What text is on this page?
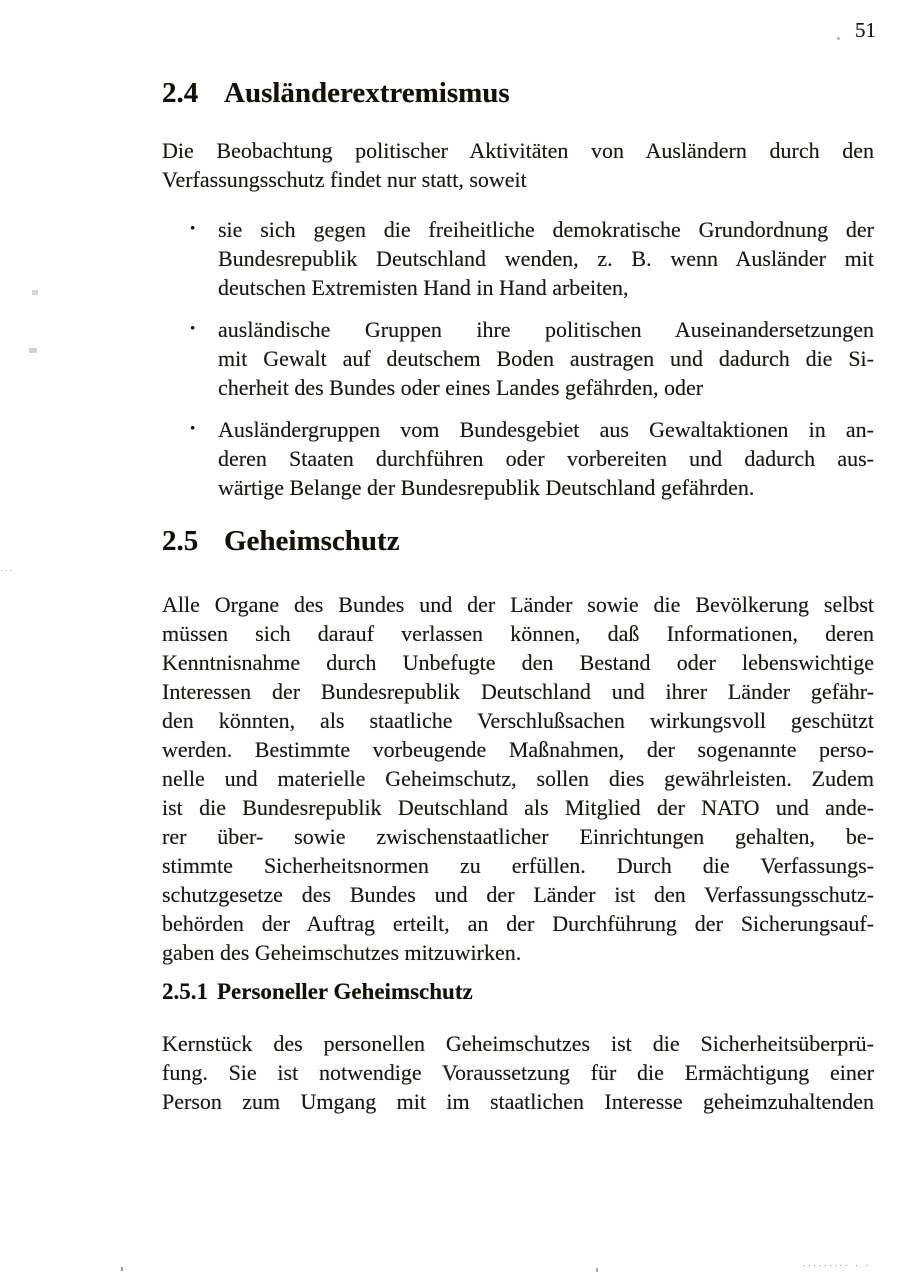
51
2.4 Ausländerextremismus
Die Beobachtung politischer Aktivitäten von Ausländern durch den
Verfassungsschutz findet nur statt, soweit
• sie sich gegen die freiheitliche demokratische Grundordnung der
Bundesrepublik Deutschland wenden, z. B. wenn Ausländer mit
deutschen Extremisten Hand in Hand arbeiten,
• ausländische Gruppen ihre politischen Auseinandersetzungen
mit Gewalt auf deutschem Boden austragen und dadurch die Si-
cherheit des Bundes oder eines Landes gefährden, oder
• Ausländergruppen vom Bundesgebiet aus Gewaltaktionen in an-
deren Staaten durchführen oder vorbereiten und dadurch aus-
wärtige Belange der Bundesrepublik Deutschland gefährden.
2.5 Geheimschutz
Alle Organe des Bundes und der Länder sowie die Bevölkerung selbst
müssen sich darauf verlassen können, daß Informationen, deren
Kenntnisnahme durch Unbefugte den Bestand oder lebenswichtige
Interessen der Bundesrepublik Deutschland und ihrer Länder gefähr-
den könnten, als staatliche Verschlußsachen wirkungsvoll geschützt
werden. Bestimmte vorbeugende Maßnahmen, der sogenannte perso-
nelle und materielle Geheimschutz, sollen dies gewährleisten. Zudem
ist die Bundesrepublik Deutschland als Mitglied der NATO und ande-
rer über- sowie zwischenstaatlicher Einrichtungen gehalten, be-
stimmte Sicherheitsnormen zu erfüllen. Durch die Verfassungs-
schutzgesetze des Bundes und der Länder ist den Verfassungsschutz-
behörden der Auftrag erteilt, an der Durchführung der Sicherungsauf-
gaben des Geheimschutzes mitzuwirken.
2.5.1 Personeller Geheimschutz
Kernstück des personellen Geheimschutzes ist die Sicherheitsüberprü-
fung. Sie ist notwendige Voraussetzung für die Ermächtigung einer
Person zum Umgang mit im staatlichen Interesse geheimzuhaltenden
...
......... . .
